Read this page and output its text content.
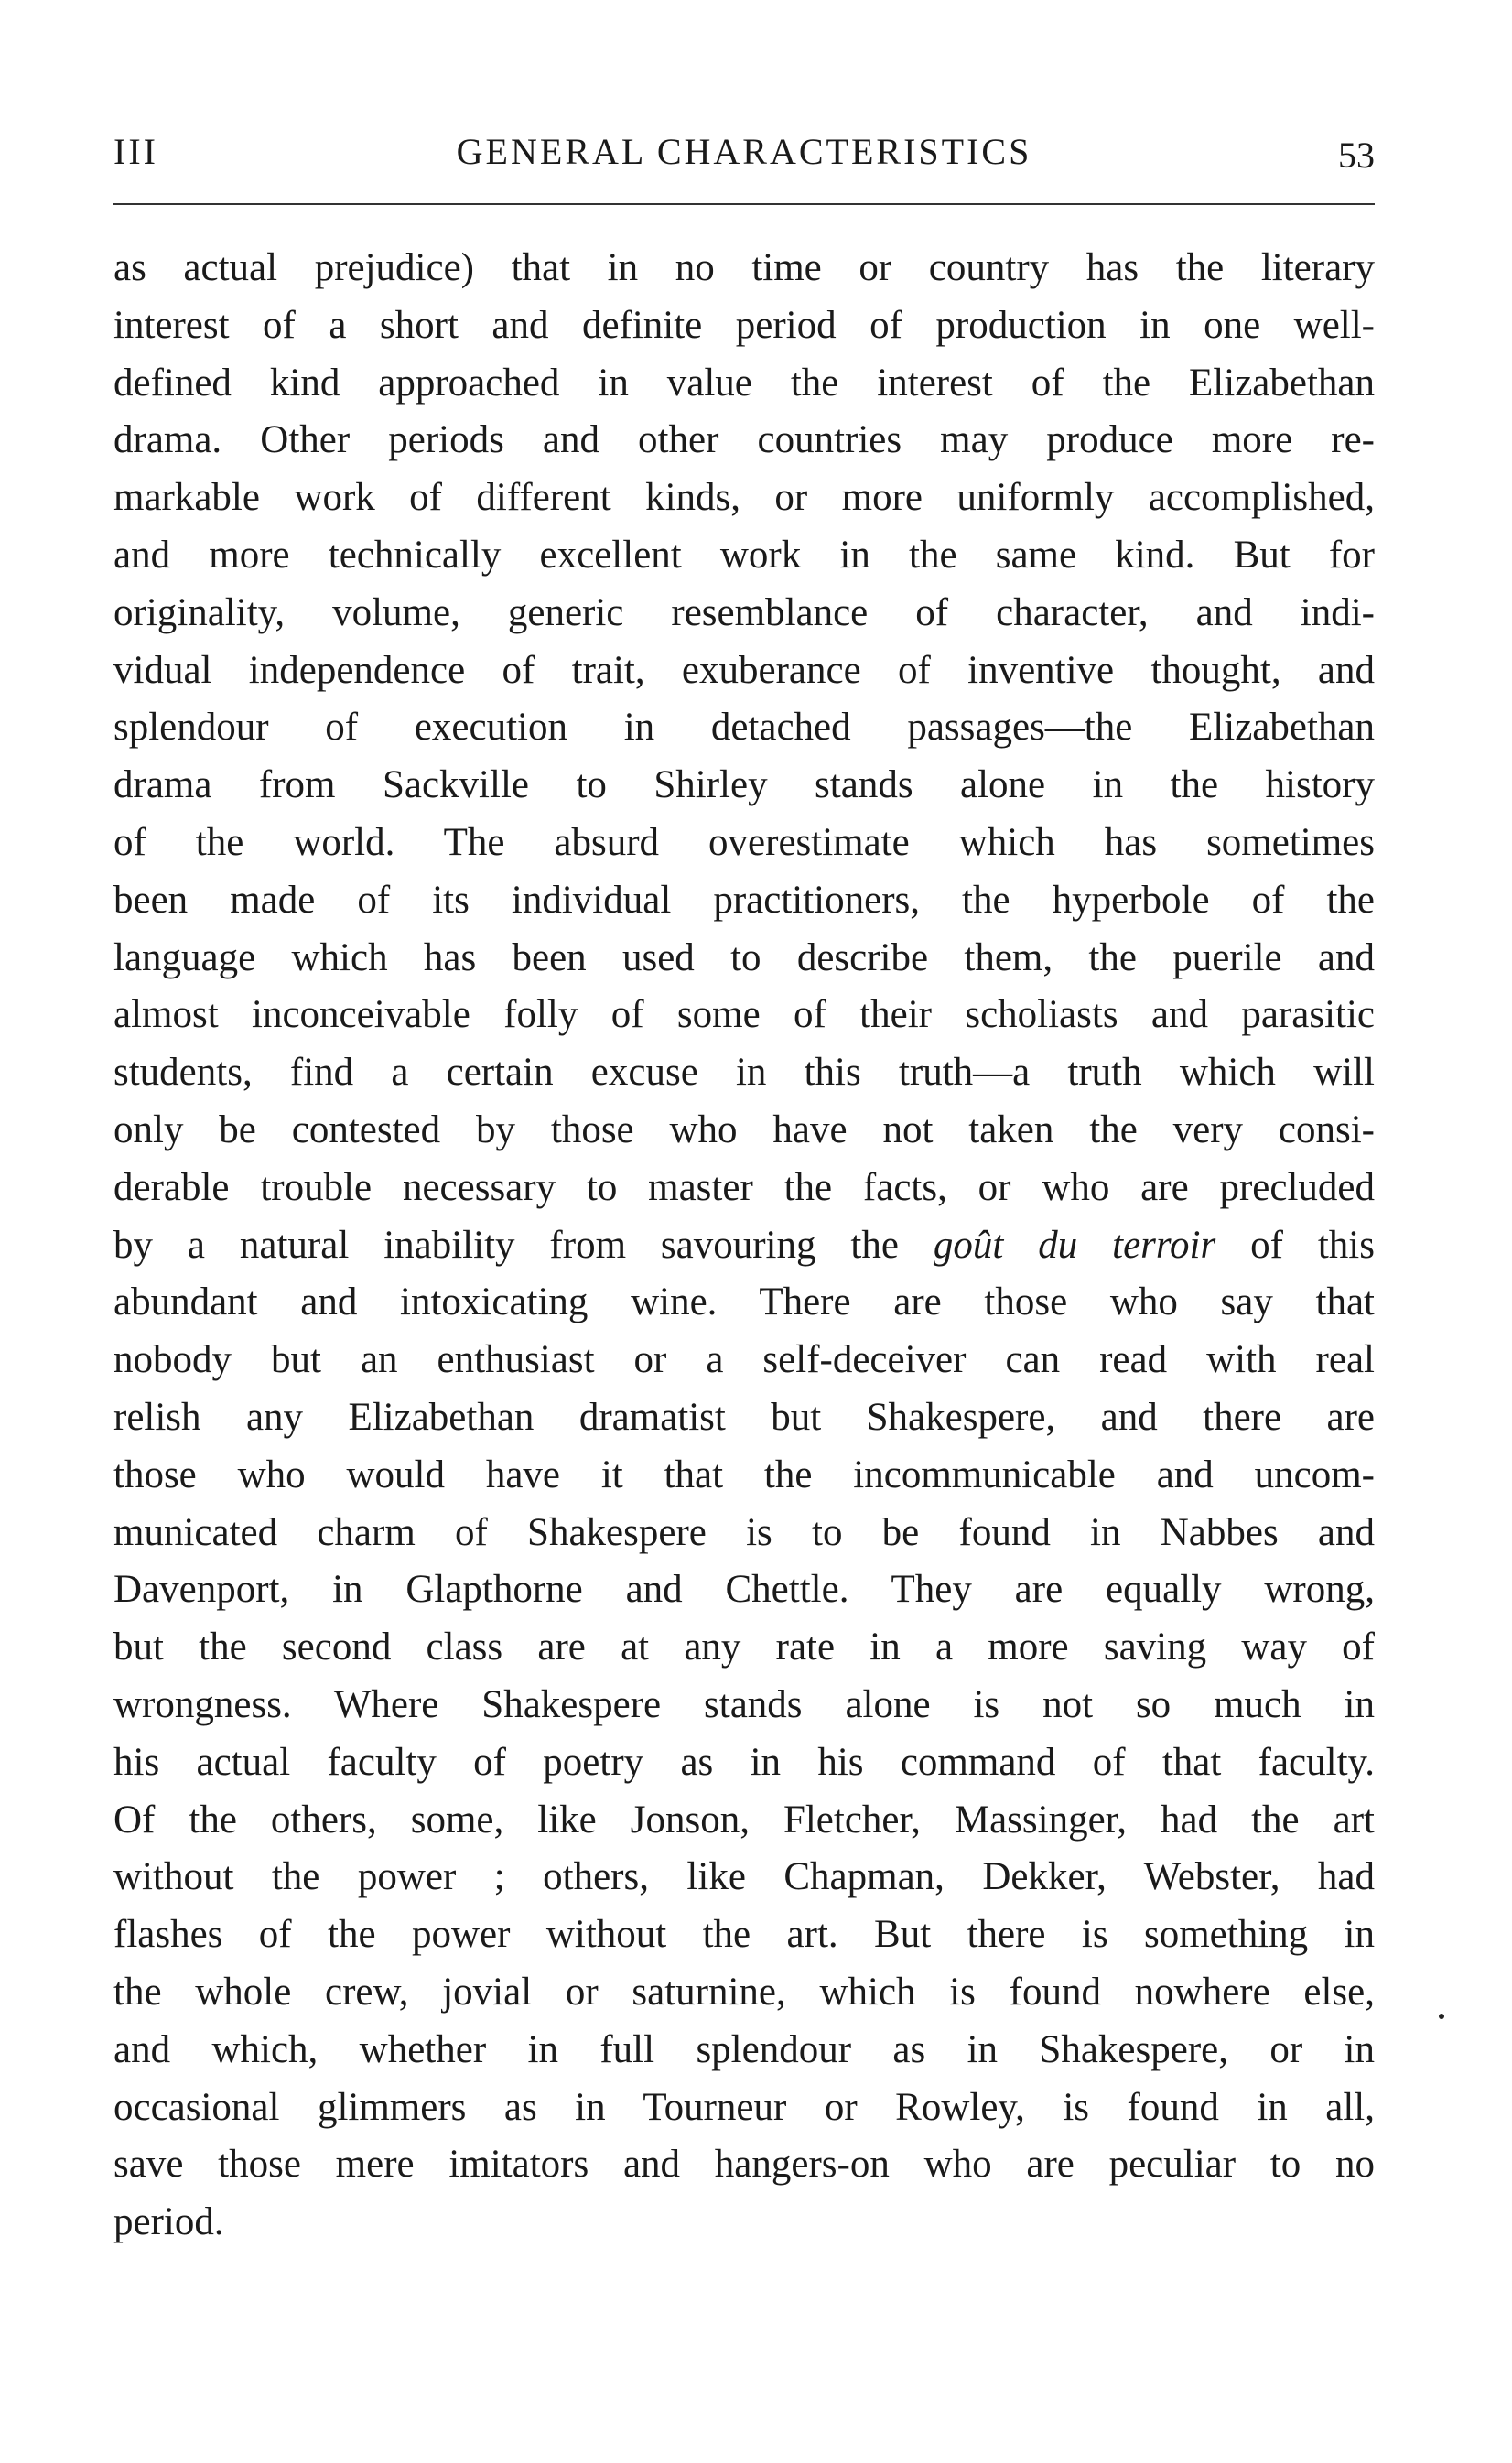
III	GENERAL CHARACTERISTICS	53
as actual prejudice) that in no time or country has the literary
interest of a short and definite period of production in one well-
defined kind approached in value the interest of the Elizabethan
drama. Other periods and other countries may produce more re-
markable work of different kinds, or more uniformly accomplished,
and more technically excellent work in the same kind. But for
originality, volume, generic resemblance of character, and indi-
vidual independence of trait, exuberance of inventive thought, and
splendour of execution in detached passages—the Elizabethan
drama from Sackville to Shirley stands alone in the history
of the world. The absurd overestimate which has sometimes
been made of its individual practitioners, the hyperbole of the
language which has been used to describe them, the puerile and
almost inconceivable folly of some of their scholiasts and parasitic
students, find a certain excuse in this truth—a truth which will
only be contested by those who have not taken the very consi-
derable trouble necessary to master the facts, or who are precluded
by a natural inability from savouring the goût du terroir of this
abundant and intoxicating wine. There are those who say that
nobody but an enthusiast or a self-deceiver can read with real
relish any Elizabethan dramatist but Shakespere, and there are
those who would have it that the incommunicable and uncom-
municated charm of Shakespere is to be found in Nabbes and
Davenport, in Glapthorne and Chettle. They are equally wrong,
but the second class are at any rate in a more saving way of
wrongness. Where Shakespere stands alone is not so much in
his actual faculty of poetry as in his command of that faculty.
Of the others, some, like Jonson, Fletcher, Massinger, had the art
without the power ; others, like Chapman, Dekker, Webster, had
flashes of the power without the art. But there is something in
the whole crew, jovial or saturnine, which is found nowhere else,
and which, whether in full splendour as in Shakespere, or in
occasional glimmers as in Tourneur or Rowley, is found in all,
save those mere imitators and hangers-on who are peculiar to no
period.
